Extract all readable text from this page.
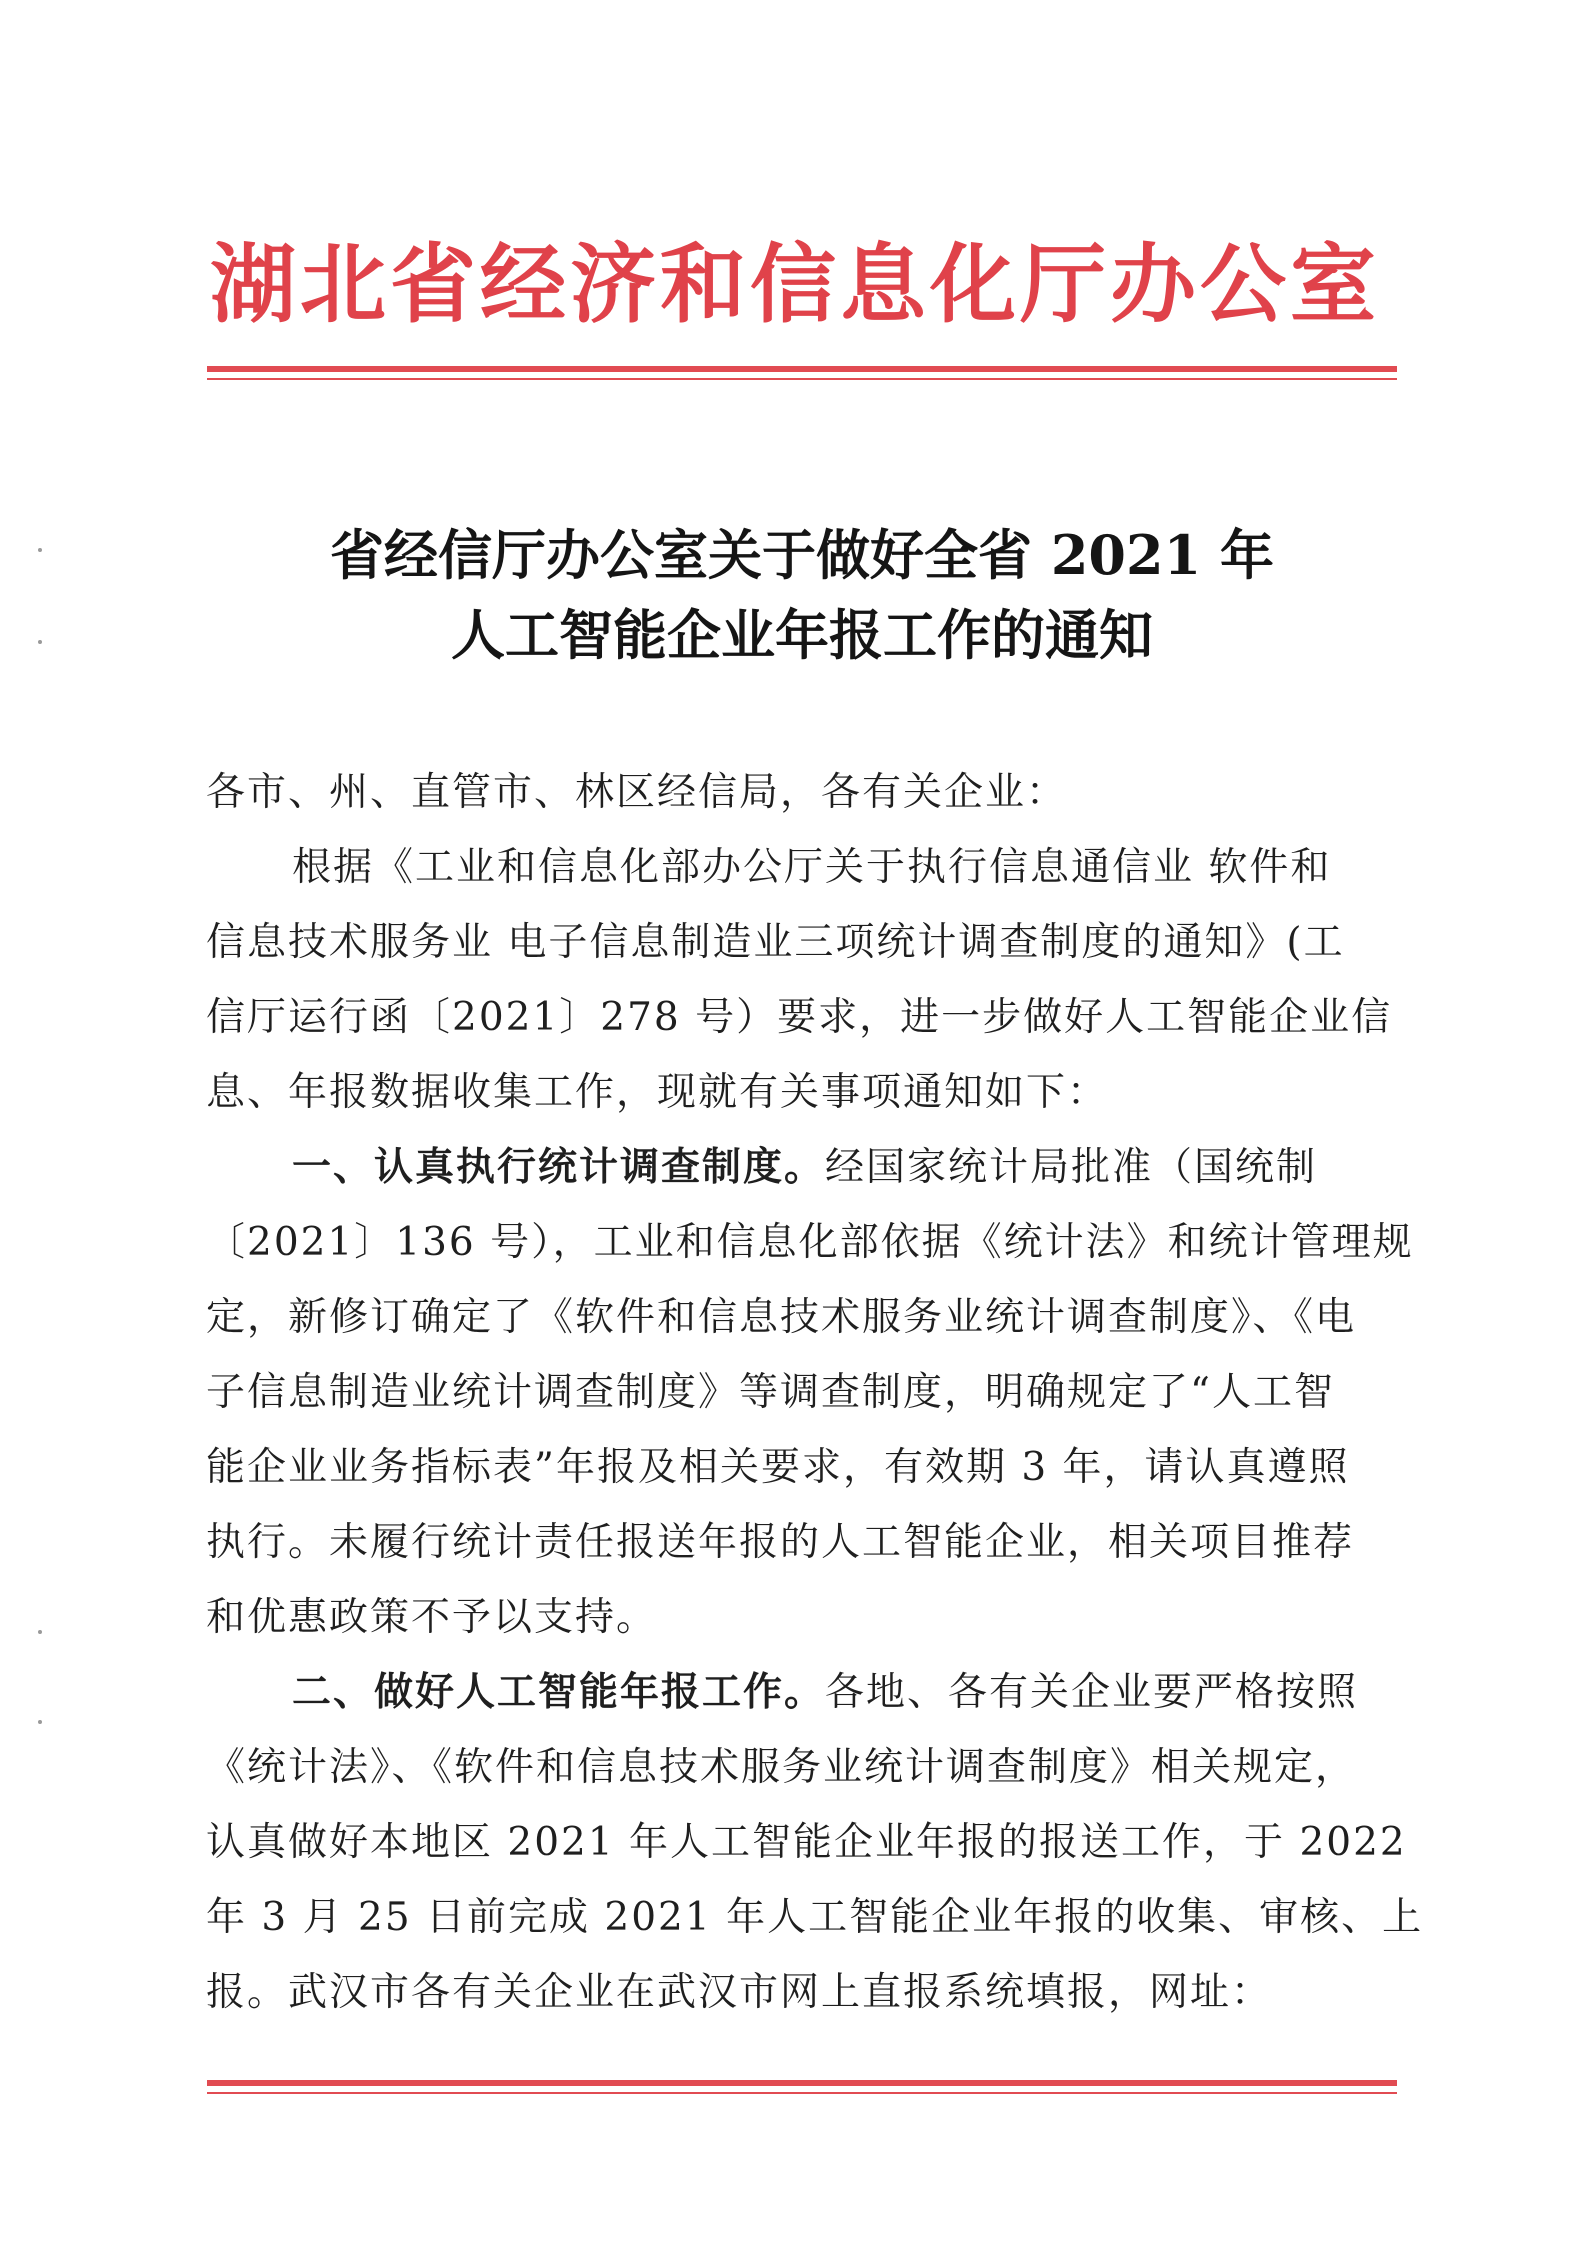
湖北省经济和信息化厅办公室
省经信厅办公室关于做好全省 2021 年
人工智能企业年报工作的通知
各市、州、直管市、林区经信局，各有关企业：
根据《工业和信息化部办公厅关于执行信息通信业 软件和
信息技术服务业 电子信息制造业三项统计调查制度的通知》(工
信厅运行函〔2021〕278 号）要求，进一步做好人工智能企业信
息、年报数据收集工作，现就有关事项通知如下：
一、认真执行统计调查制度。经国家统计局批准（国统制
〔2021〕136 号），工业和信息化部依据《统计法》和统计管理规
定，新修订确定了《软件和信息技术服务业统计调查制度》、《电
子信息制造业统计调查制度》等调查制度，明确规定了“人工智
能企业业务指标表”年报及相关要求，有效期 3 年，请认真遵照
执行。未履行统计责任报送年报的人工智能企业，相关项目推荐
和优惠政策不予以支持。
二、做好人工智能年报工作。各地、各有关企业要严格按照
《统计法》、《软件和信息技术服务业统计调查制度》相关规定，
认真做好本地区 2021 年人工智能企业年报的报送工作，于 2022
年 3 月 25 日前完成 2021 年人工智能企业年报的收集、审核、上
报。武汉市各有关企业在武汉市网上直报系统填报，网址：
